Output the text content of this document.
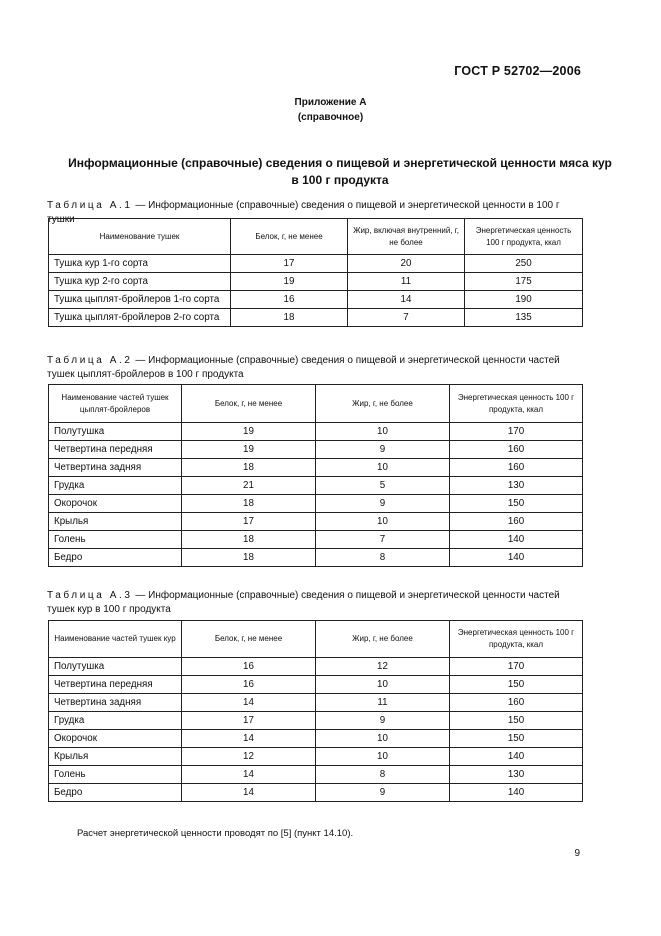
ГОСТ Р 52702—2006
Приложение А
(справочное)
Информационные (справочные) сведения о пищевой и энергетической ценности мяса кур
в 100 г продукта
Таблица А.1 — Информационные (справочные) сведения о пищевой и энергетической ценности в 100 г тушки
Наименование тушек	Белок, г, не менее	Жир, включая внутренний, г, не более	Энергетическая ценность 100 г продукта, ккал
Тушка кур 1-го сорта	17	20	250
Тушка кур 2-го сорта	19	11	175
Тушка цыплят-бройлеров 1-го сорта	16	14	190
Тушка цыплят-бройлеров 2-го сорта	18	7	135
Таблица А.2 — Информационные (справочные) сведения о пищевой и энергетической ценности частей тушек цыплят-бройлеров в 100 г продукта
Наименование частей тушек цыплят-бройлеров	Белок, г, не менее	Жир, г, не более	Энергетическая ценность 100 г продукта, ккал
Полутушка	19	10	170
Четвертина передняя	19	9	160
Четвертина задняя	18	10	160
Грудка	21	5	130
Окорочок	18	9	150
Крылья	17	10	160
Голень	18	7	140
Бедро	18	8	140
Таблица А.3 — Информационные (справочные) сведения о пищевой и энергетической ценности частей тушек кур в 100 г продукта
Наименование частей тушек кур	Белок, г, не менее	Жир, г, не более	Энергетическая ценность 100 г продукта, ккал
Полутушка	16	12	170
Четвертина передняя	16	10	150
Четвертина задняя	14	11	160
Грудка	17	9	150
Окорочок	14	10	150
Крылья	12	10	140
Голень	14	8	130
Бедро	14	9	140
Расчет энергетической ценности проводят по [5] (пункт 14.10).
9
